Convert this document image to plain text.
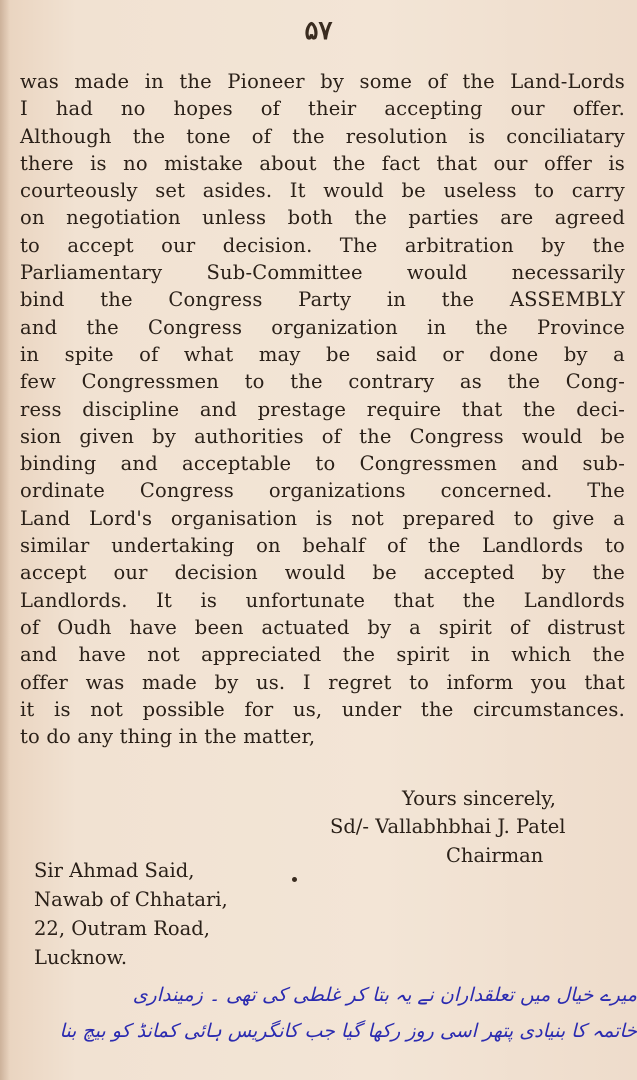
۵۷
was made in the Pioneer by some of the Land-Lords
I had no hopes of their accepting our offer.
Although the tone of the resolution is conciliatary
there is no mistake about the fact that our offer is
courteously set asides. It would be useless to carry
on negotiation unless both the parties are agreed
to accept our decision. The arbitration by the
Parliamentary Sub-Committee would necessarily
bind the Congress Party in the ASSEMBLY
and the Congress organization in the Province
in spite of what may be said or done by a
few Congressmen to the contrary as the Cong-
ress discipline and prestage require that the deci-
sion given by authorities of the Congress would be
binding and acceptable to Congressmen and sub-
ordinate Congress organizations concerned. The
Land Lord's organisation is not prepared to give a
similar undertaking on behalf of the Landlords to
accept our decision would be accepted by the
Landlords. It is unfortunate that the Landlords
of Oudh have been actuated by a spirit of distrust
and have not appreciated the spirit in which the
offer was made by us. I regret to inform you that
it is not possible for us, under the circumstances.
to do any thing in the matter,
Yours sincerely,
Sd/- Vallabhbhai J. Patel
Chairman
Sir Ahmad Said,
Nawab of Chhatari,
22, Outram Road,
Lucknow.
میرے خیال میں تعلقداران نے یہ بتا کر غلطی کی تھی ۔ زمینداری
خاتمہ کا بنیادی پتھر اسی روز رکھا گیا جب کانگریس ہائی کمانڈ کو بیچ بنا
